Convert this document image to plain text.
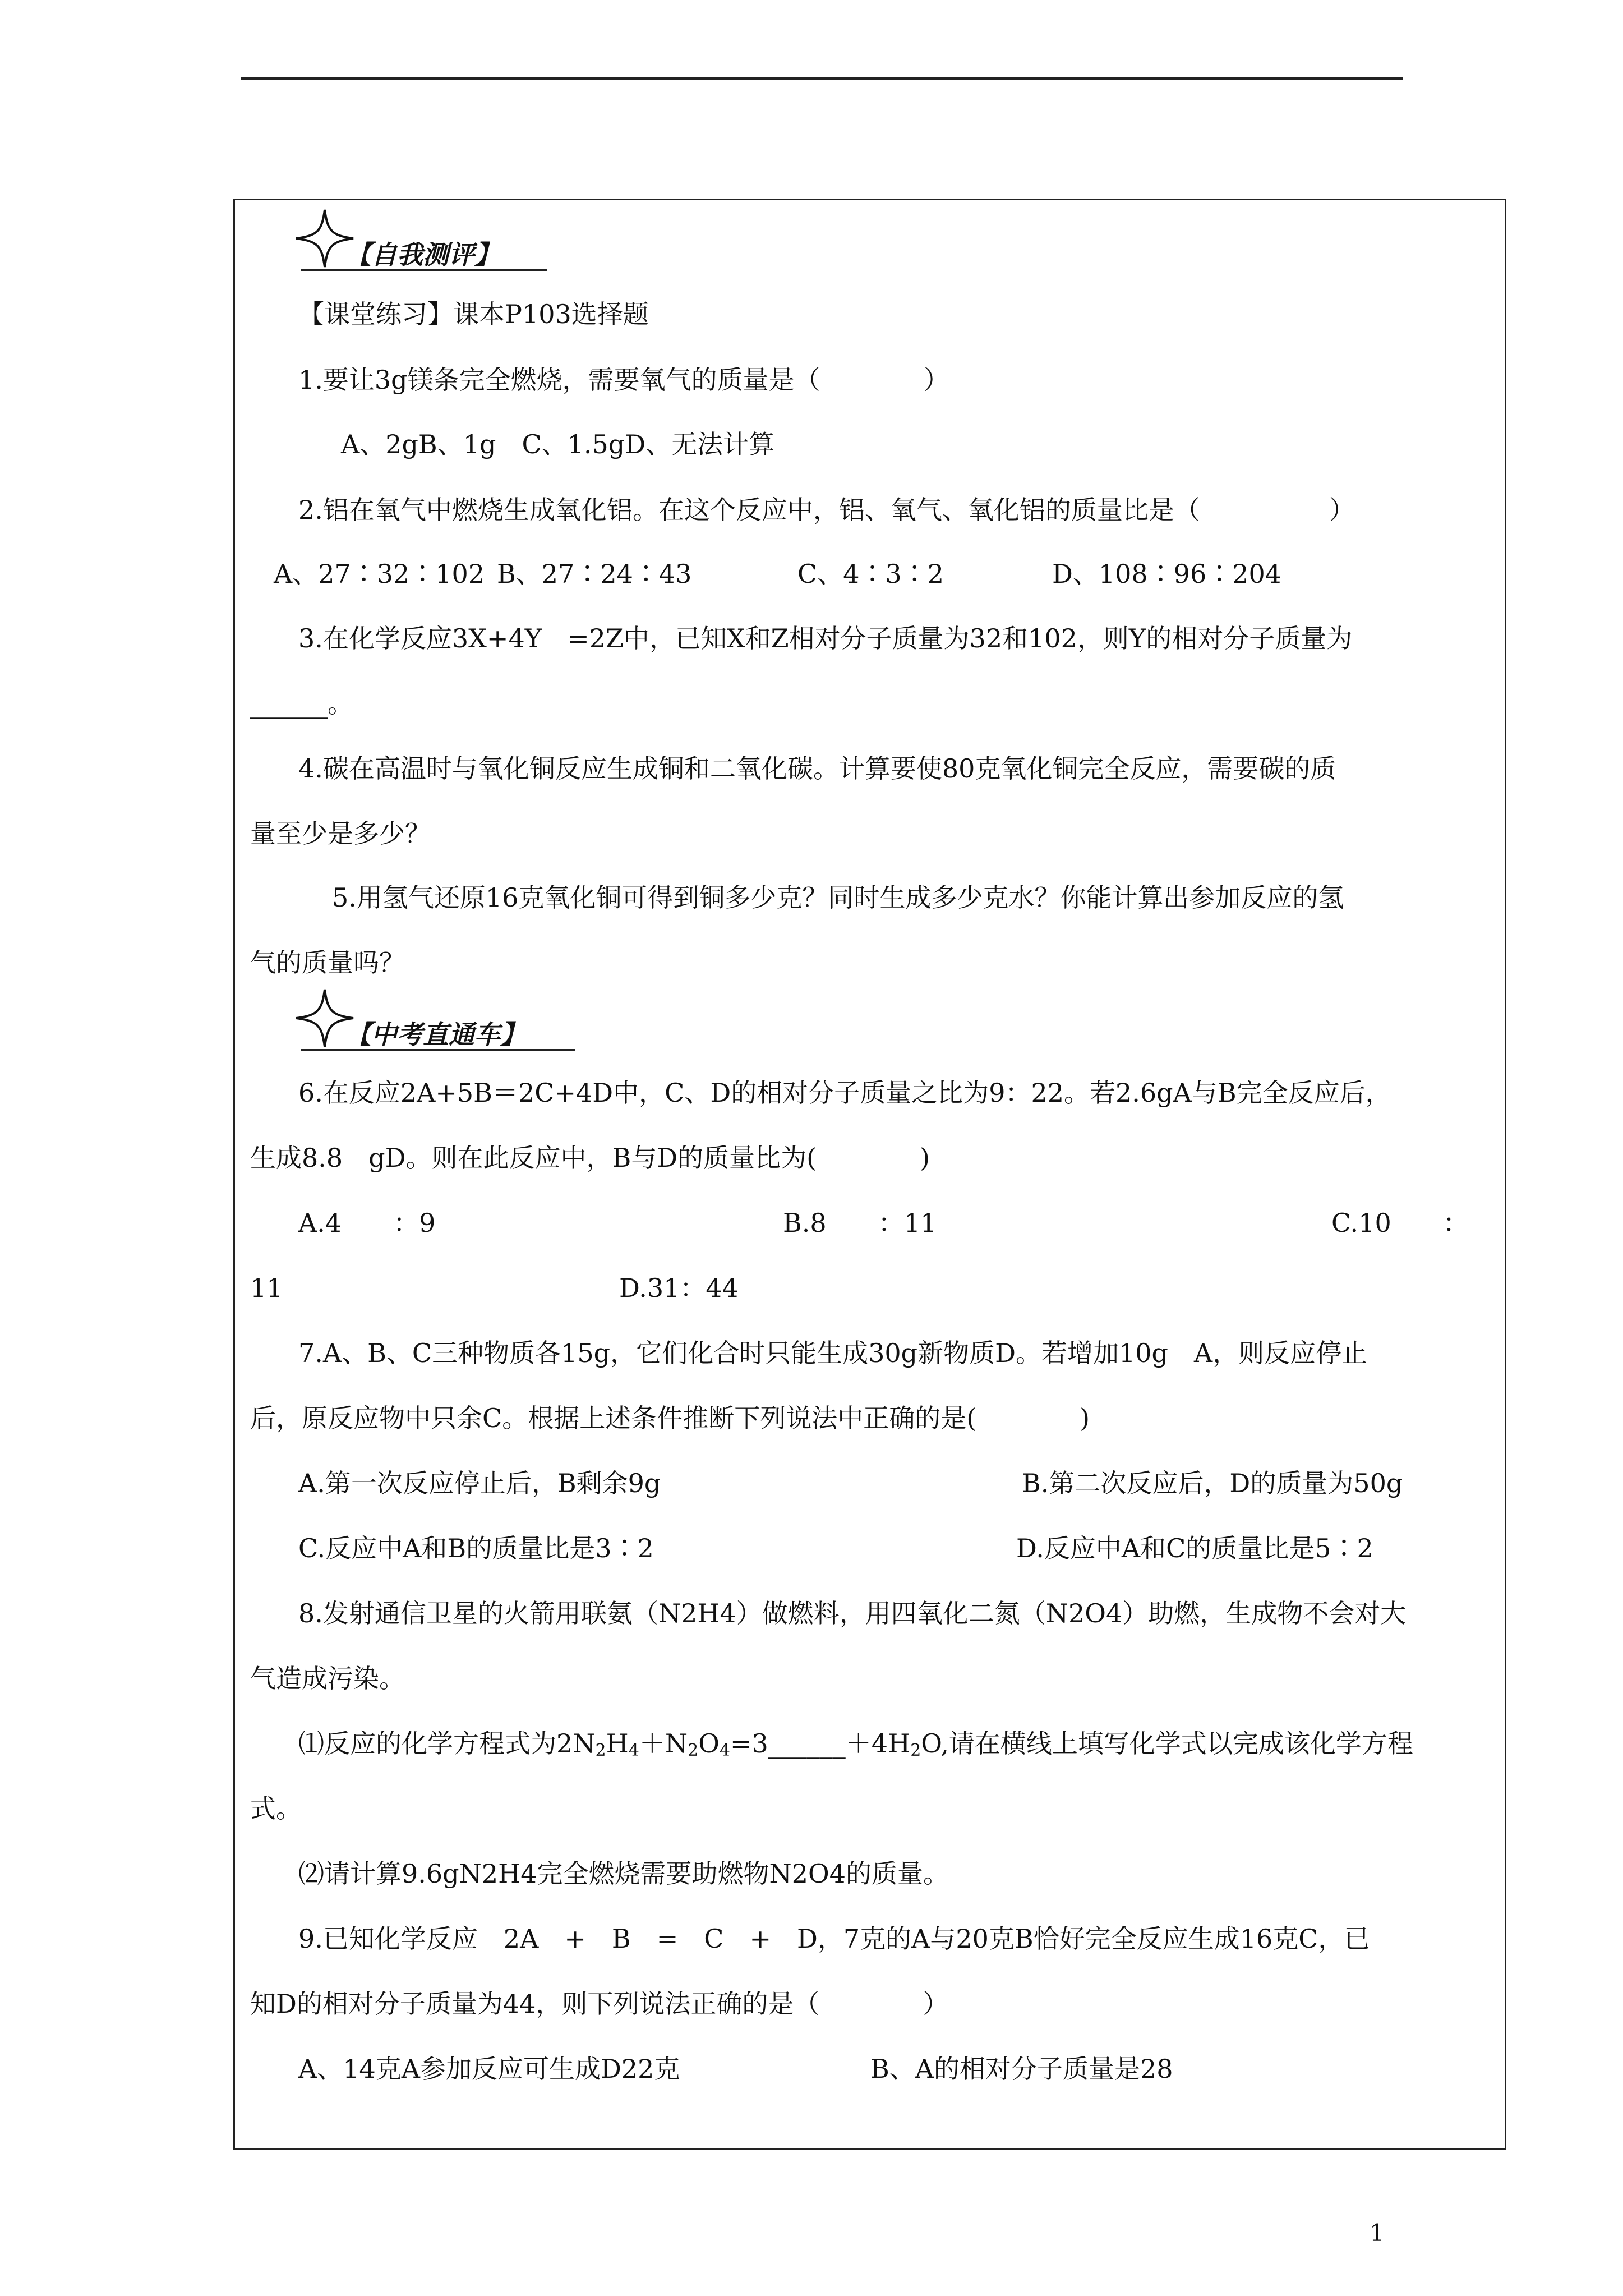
【自我测评】
【课堂练习】课本P103选择题
1.要让3g镁条完全燃烧，需要氧气的质量是（　　　　）
A、2gB、1g　C、1.5gD、无法计算
2.铝在氧气中燃烧生成氧化铝。在这个反应中，铝、氧气、氧化铝的质量比是（　　　　　）
A、27∶32∶102 B、27∶24∶43	C、4∶3∶2	D、108∶96∶204
3.在化学反应3X+4Y　=2Z中，已知X和Z相对分子质量为32和102，则Y的相对分子质量为
______。
4.碳在高温时与氧化铜反应生成铜和二氧化碳。计算要使80克氧化铜完全反应，需要碳的质
量至少是多少？
5.用氢气还原16克氧化铜可得到铜多少克？同时生成多少克水？你能计算出参加反应的氢
气的质量吗？
【中考直通车】
6.在反应2A+5B＝2C+4D中，C、D的相对分子质量之比为9：22。若2.6gA与B完全反应后，
生成8.8　gD。则在此反应中，B与D的质量比为(　　　　)
A.4　　：9	B.8　　：11	C.10　　：
11	D.31：44
7.A、B、C三种物质各15g，它们化合时只能生成30g新物质D。若增加10g　A，则反应停止
后，原反应物中只余C。根据上述条件推断下列说法中正确的是(　　　　)
A.第一次反应停止后，B剩余9g	B.第二次反应后，D的质量为50g
C.反应中A和B的质量比是3∶2	D.反应中A和C的质量比是5∶2
8.发射通信卫星的火箭用联氨（N2H4）做燃料，用四氧化二氮（N2O4）助燃，生成物不会对大
气造成污染。
⑴反应的化学方程式为$2N_2H_4+N_2O_4=3\_\_\_\_\_\_+4H_2O$,请在横线上填写化学式以完成该化学方程
式。
⑵请计算9.6gN2H4完全燃烧需要助燃物N2O4的质量。
9.已知化学反应　2A　+　B　=　C　+　D，7克的A与20克B恰好完全反应生成16克C，已
知D的相对分子质量为44，则下列说法正确的是（　　　　）
A、14克A参加反应可生成D22克	B、A的相对分子质量是28
1
